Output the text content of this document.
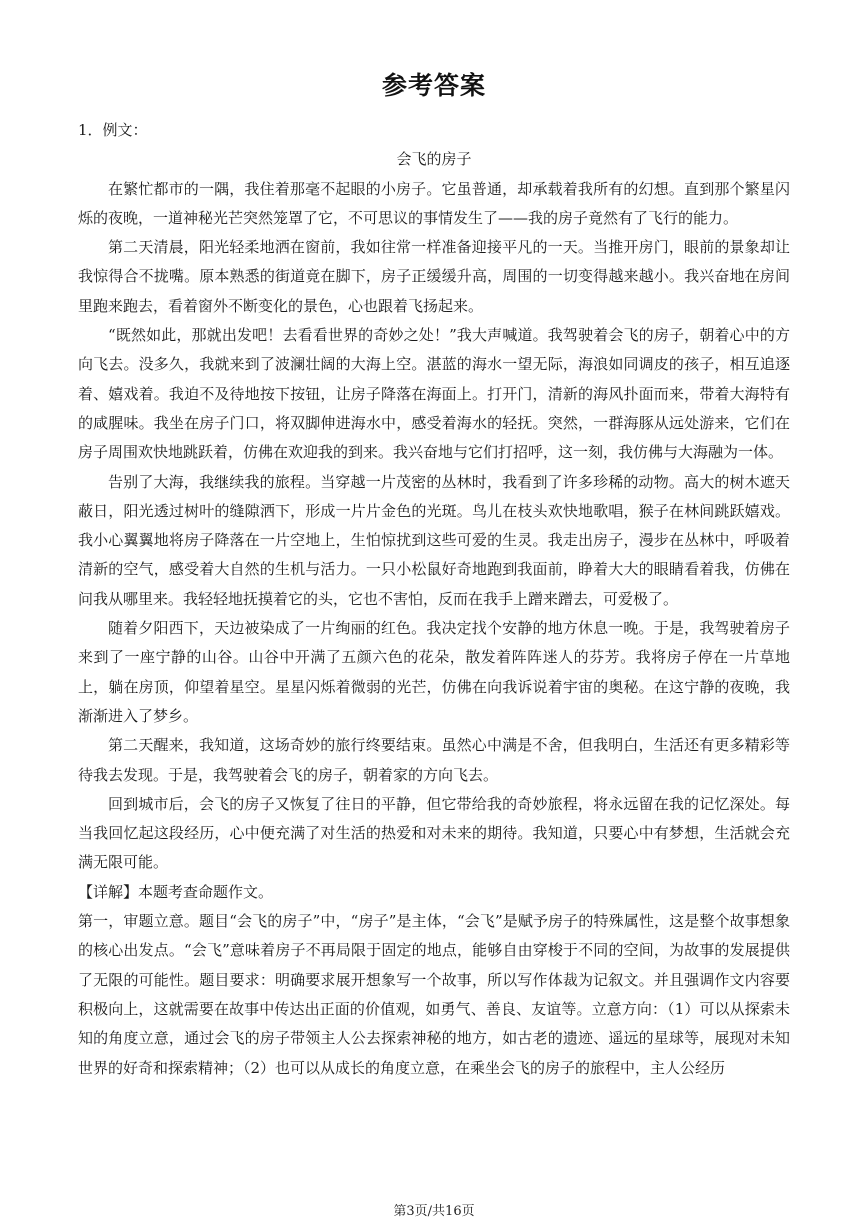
参考答案

1．例文：

会飞的房子

在繁忙都市的一隅，我住着那毫不起眼的小房子。它虽普通，却承载着我所有的幻想。直到那个繁星闪烁的夜晚，一道神秘光芒突然笼罩了它，不可思议的事情发生了——我的房子竟然有了飞行的能力。

第二天清晨，阳光轻柔地洒在窗前，我如往常一样准备迎接平凡的一天。当推开房门，眼前的景象却让我惊得合不拢嘴。原本熟悉的街道竟在脚下，房子正缓缓升高，周围的一切变得越来越小。我兴奋地在房间里跑来跑去，看着窗外不断变化的景色，心也跟着飞扬起来。

“既然如此，那就出发吧！去看看世界的奇妙之处！”我大声喊道。我驾驶着会飞的房子，朝着心中的方向飞去。没多久，我就来到了波澜壮阔的大海上空。湛蓝的海水一望无际，海浪如同调皮的孩子，相互追逐着、嬉戏着。我迫不及待地按下按钮，让房子降落在海面上。打开门，清新的海风扑面而来，带着大海特有的咸腥味。我坐在房子门口，将双脚伸进海水中，感受着海水的轻抚。突然，一群海豚从远处游来，它们在房子周围欢快地跳跃着，仿佛在欢迎我的到来。我兴奋地与它们打招呼，这一刻，我仿佛与大海融为一体。

告别了大海，我继续我的旅程。当穿越一片茂密的丛林时，我看到了许多珍稀的动物。高大的树木遮天蔽日，阳光透过树叶的缝隙洒下，形成一片片金色的光斑。鸟儿在枝头欢快地歌唱，猴子在林间跳跃嬉戏。我小心翼翼地将房子降落在一片空地上，生怕惊扰到这些可爱的生灵。我走出房子，漫步在丛林中，呼吸着清新的空气，感受着大自然的生机与活力。一只小松鼠好奇地跑到我面前，睁着大大的眼睛看着我，仿佛在问我从哪里来。我轻轻地抚摸着它的头，它也不害怕，反而在我手上蹭来蹭去，可爱极了。

随着夕阳西下，天边被染成了一片绚丽的红色。我决定找个安静的地方休息一晚。于是，我驾驶着房子来到了一座宁静的山谷。山谷中开满了五颜六色的花朵，散发着阵阵迷人的芬芳。我将房子停在一片草地上，躺在房顶，仰望着星空。星星闪烁着微弱的光芒，仿佛在向我诉说着宇宙的奥秘。在这宁静的夜晚，我渐渐进入了梦乡。

第二天醒来，我知道，这场奇妙的旅行终要结束。虽然心中满是不舍，但我明白，生活还有更多精彩等待我去发现。于是，我驾驶着会飞的房子，朝着家的方向飞去。

回到城市后，会飞的房子又恢复了往日的平静，但它带给我的奇妙旅程，将永远留在我的记忆深处。每当我回忆起这段经历，心中便充满了对生活的热爱和对未来的期待。我知道，只要心中有梦想，生活就会充满无限可能。

【详解】本题考查命题作文。

第一，审题立意。题目“会飞的房子”中，“房子”是主体，“会飞”是赋予房子的特殊属性，这是整个故事想象的核心出发点。“会飞”意味着房子不再局限于固定的地点，能够自由穿梭于不同的空间，为故事的发展提供了无限的可能性。题目要求：明确要求展开想象写一个故事，所以写作体裁为记叙文。并且强调作文内容要积极向上，这就需要在故事中传达出正面的价值观，如勇气、善良、友谊等。立意方向：（1）可以从探索未知的角度立意，通过会飞的房子带领主人公去探索神秘的地方，如古老的遗迹、遥远的星球等，展现对未知世界的好奇和探索精神；（2）也可以从成长的角度立意，在乘坐会飞的房子的旅程中，主人公经历

第3页/共16页
